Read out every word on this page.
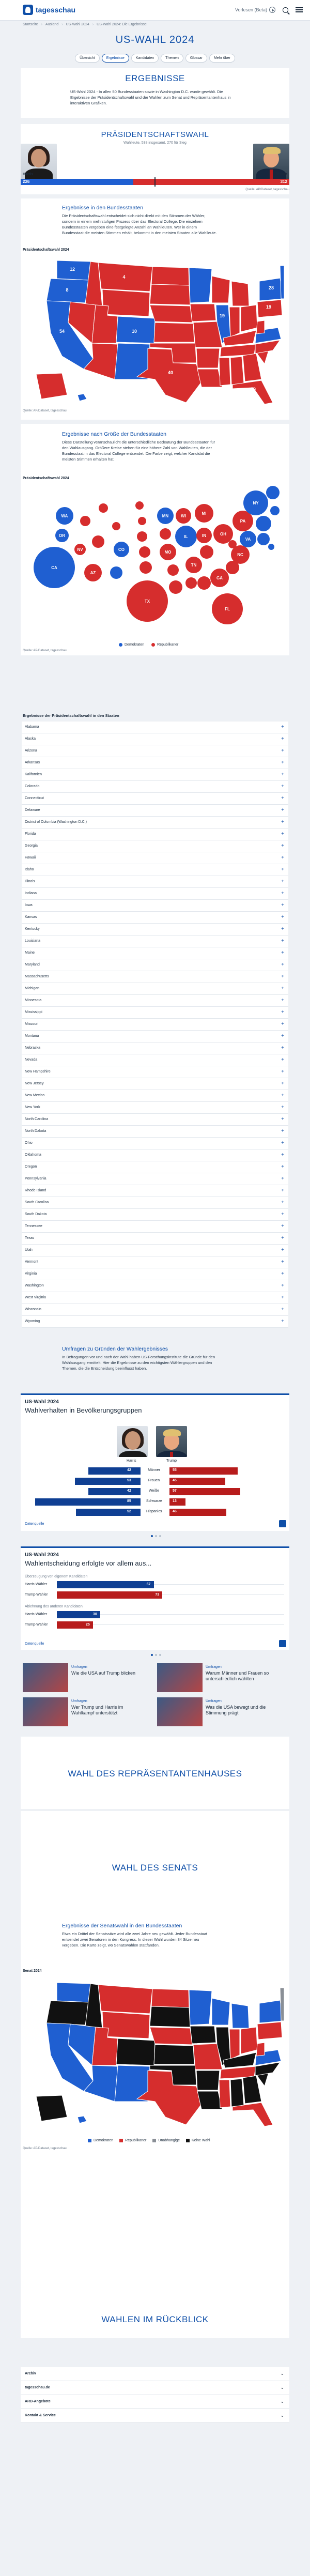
tagesschau	Vorlesen (Beta)
Startseite › Ausland › US-Wahl 2024 › US-Wahl 2024: Die Ergebnisse
US-WAHL 2024
Übersicht	Ergebnisse	Kandidaten	Themen	Glossar	Mehr über
ERGEBNISSE

US-Wahl 2024 - In allen 50 Bundesstaaten sowie in Washington D.C. wurde gewählt. Die Ergebnisse der Präsidentschaftswahl und der Wahlen zum Senat und Repräsentantenhaus in interaktiven Grafiken.

PRÄSIDENTSCHAFTSWAHL
Wahlleute, 538 insgesamt, 270 für Sieg
Harris	Trump
226	312
Quelle: AP/Dataset, tagesschau
Ergebnisse in den Bundesstaaten

Die Präsidentschaftswahl entscheidet sich nicht direkt mit den Stimmen der Wähler, sondern in einem mehrstufigen Prozess über das Electoral College. Die einzelnen Bundesstaaten vergeben eine festgelegte Anzahl an Wahlleuten. Wer in einem Bundesstaat die meisten Stimmen erhält, bekommt in den meisten Staaten alle Wahlleute.

Präsidentschaftswahl 2024
12
8
54
4
10
40
19
28
30
19
Quelle: AP/Dataset, tagesschau
Ergebnisse nach Größe der Bundesstaaten

Diese Darstellung veranschaulicht die unterschiedliche Bedeutung der Bundesstaaten für den Wahlausgang. Größere Kreise stehen für eine höhere Zahl von Wahlleuten, die der Bundesstaat in das Electoral College entsendet. Die Farbe zeigt, welcher Kandidat die meisten Stimmen erhalten hat.

Präsidentschaftswahl 2024
CA
WA
OR
NV
AZ
CO
TX
MN
MO
WI
IL
TN
MI
IN	OH
GA
FL
NC
VA
PA
NY
Demokraten	Republikaner
Quelle: AP/Dataset, tagesschau
Ergebnisse der Präsidentschaftswahl in den Staaten
Alabama	+
Alaska	+
Arizona	+
Arkansas	+
Kalifornien	+
Colorado	+
Connecticut	+
Delaware	+
District of Columbia (Washington D.C.)	+
Florida	+
Georgia	+
Hawaii	+
Idaho	+
Illinois	+
Indiana	+
Iowa	+
Kansas	+
Kentucky	+
Louisiana	+
Maine	+
Maryland	+
Massachusetts	+
Michigan	+
Minnesota	+
Mississippi	+
Missouri	+
Montana	+
Nebraska	+
Nevada	+
New Hampshire	+
New Jersey	+
New Mexico	+
New York	+
North Carolina	+
North Dakota	+
Ohio	+
Oklahoma	+
Oregon	+
Pennsylvania	+
Rhode Island	+
South Carolina	+
South Dakota	+
Tennessee	+
Texas	+
Utah	+
Vermont	+
Virginia	+
Washington	+
West Virginia	+
Wisconsin	+
Wyoming	+
Umfragen zu Gründen der Wahlergebnisses

In Befragungen vor und nach der Wahl haben US-Forschungsinstitute die Gründe für den Wahlausgang ermittelt. Hier die Ergebnisse zu den wichtigsten Wählergruppen und den Themen, die die Entscheidung beeinflusst haben.

US-Wahl 2024
Wahlverhalten in Bevölkerungsgruppen
Harris	Trump
Datenquelle
42	55
Männer
53	45
Frauen
42	57
Weiße
85	13
Schwarze
52	46
Hispanics
US-Wahl 2024
Wahlentscheidung erfolgte vor allem aus...
Überzeugung von eigenem Kandidaten
Ablehnung des anderen Kandidaten
Datenquelle
67
Harris-Wähler
73
Trump-Wähler
30
Harris-Wähler
25
Trump-Wähler
Umfragen
Wie die USA auf Trump blicken
Umfragen
Warum Männer und Frauen so unterschiedlich wählten
Umfragen
Wer Trump und Harris im Wahlkampf unterstützt
Umfragen
Was die USA bewegt und die Stimmung prägt
WAHL DES REPRÄSENTANTENHAUSES
WAHL DES SENATS
Ergebnisse der Senatswahl in den Bundesstaaten

Etwa ein Drittel der Senatssitze wird alle zwei Jahre neu gewählt. Jeder Bundesstaat entsendet zwei Senatoren in den Kongress. In dieser Wahl wurden 34 Sitze neu vergeben. Die Karte zeigt, wo Senatswahlen stattfanden.

Senat 2024
Demokraten	Republikaner	Unabhängige	Keine Wahl
Quelle: AP/Dataset, tagesschau
WAHLEN IM RÜCKBLICK
Archiv	⌄
tagesschau.de	⌄
ARD-Angebote	⌄
Kontakt & Service	⌄
